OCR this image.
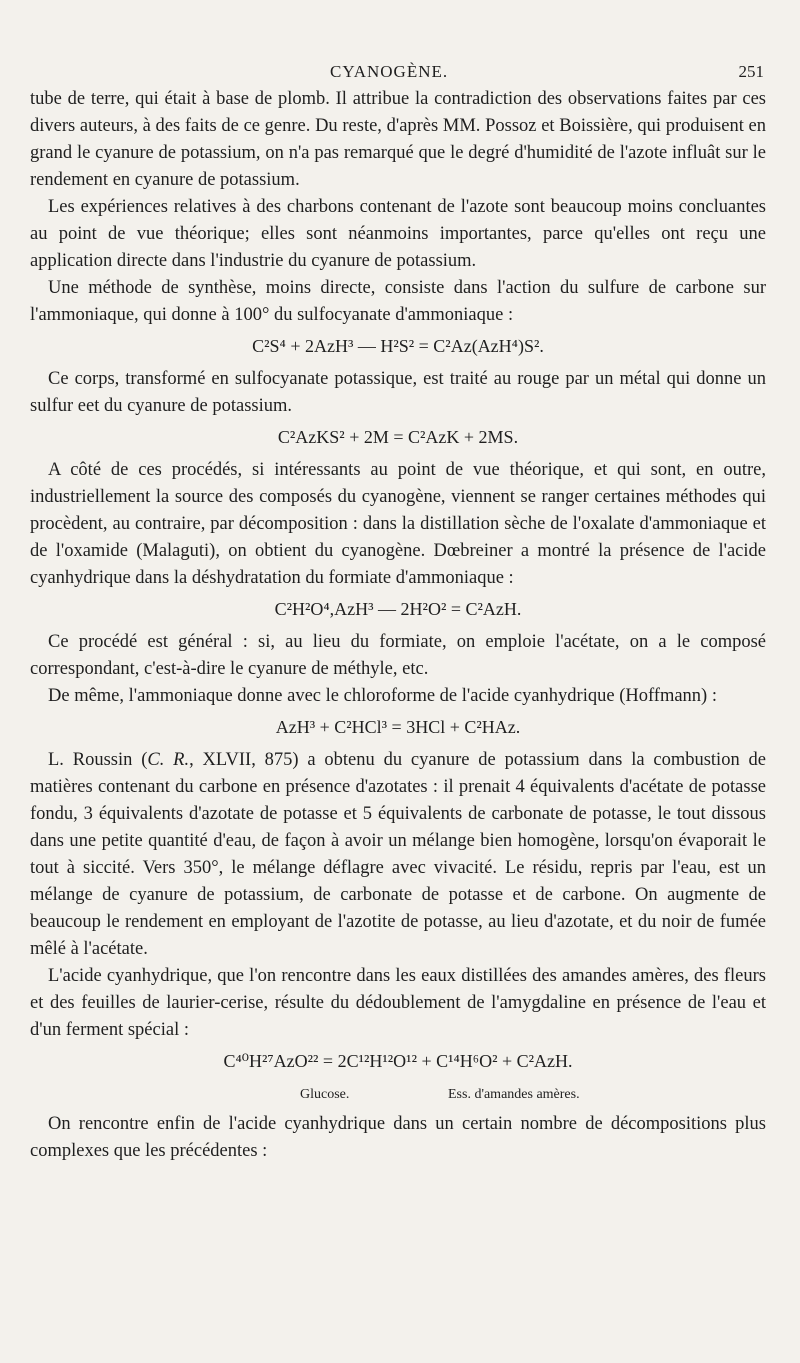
CYANOGÈNE.	251

tube de terre, qui était à base de plomb. Il attribue la contradiction des observations faites par ces divers auteurs, à des faits de ce genre. Du reste, d'après MM. Possoz et Boissière, qui produisent en grand le cyanure de potassium, on n'a pas remarqué que le degré d'humidité de l'azote influât sur le rendement en cyanure de potassium.

Les expériences relatives à des charbons contenant de l'azote sont beaucoup moins concluantes au point de vue théorique; elles sont néanmoins importantes, parce qu'elles ont reçu une application directe dans l'industrie du cyanure de potassium.

Une méthode de synthèse, moins directe, consiste dans l'action du sulfure de carbone sur l'ammoniaque, qui donne à 100° du sulfocyanate d'ammoniaque :

C²S⁴ + 2AzH³ — H²S² = C²Az(AzH⁴)S².

Ce corps, transformé en sulfocyanate potassique, est traité au rouge par un métal qui donne un sulfur eet du cyanure de potassium.

C²AzKS² + 2M = C²AzK + 2MS.

A côté de ces procédés, si intéressants au point de vue théorique, et qui sont, en outre, industriellement la source des composés du cyanogène, viennent se ranger certaines méthodes qui procèdent, au contraire, par décomposition : dans la distillation sèche de l'oxalate d'ammoniaque et de l'oxamide (Malaguti), on obtient du cyanogène. Dœbreiner a montré la présence de l'acide cyanhydrique dans la déshydratation du formiate d'ammoniaque :

C²H²O⁴,AzH³ — 2H²O² = C²AzH.

Ce procédé est général : si, au lieu du formiate, on emploie l'acétate, on a le composé correspondant, c'est-à-dire le cyanure de méthyle, etc.

De même, l'ammoniaque donne avec le chloroforme de l'acide cyanhydrique (Hoffmann) :

AzH³ + C²HCl³ = 3HCl + C²HAz.

L. Roussin (C. R., XLVII, 875) a obtenu du cyanure de potassium dans la combustion de matières contenant du carbone en présence d'azotates : il prenait 4 équivalents d'acétate de potasse fondu, 3 équivalents d'azotate de potasse et 5 équivalents de carbonate de potasse, le tout dissous dans une petite quantité d'eau, de façon à avoir un mélange bien homogène, lorsqu'on évaporait le tout à siccité. Vers 350°, le mélange déflagre avec vivacité. Le résidu, repris par l'eau, est un mélange de cyanure de potassium, de carbonate de potasse et de carbone. On augmente de beaucoup le rendement en employant de l'azotite de potasse, au lieu d'azotate, et du noir de fumée mêlé à l'acétate.

L'acide cyanhydrique, que l'on rencontre dans les eaux distillées des amandes amères, des fleurs et des feuilles de laurier-cerise, résulte du dédoublement de l'amygdaline en présence de l'eau et d'un ferment spécial :

C⁴⁰H²⁷AzO²² = 2C¹²H¹²O¹² + C¹⁴H⁶O² + C²AzH.
Glucose.	Ess. d'amandes amères.

On rencontre enfin de l'acide cyanhydrique dans un certain nombre de décompositions plus complexes que les précédentes :
